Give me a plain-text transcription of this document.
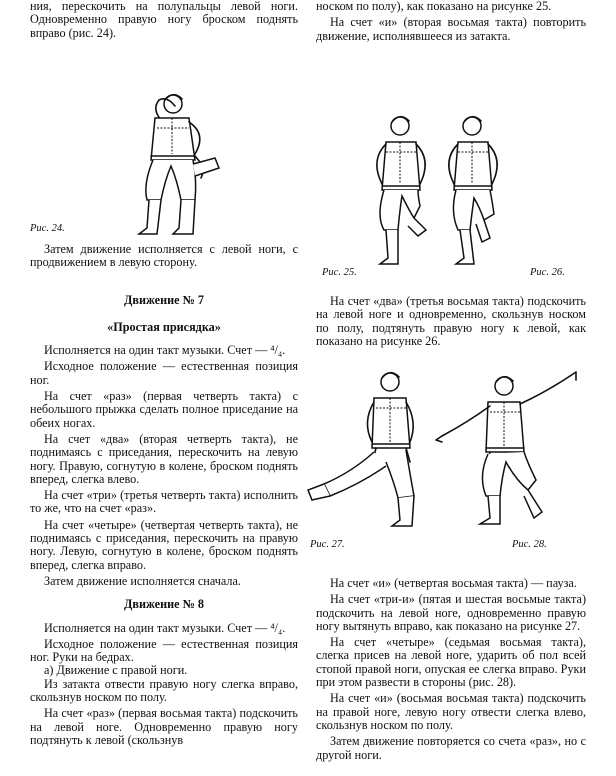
ния, перескочить на полупальцы левой ноги. Одновременно правую ногу броском поднять вправо (рис. 24).

Рис. 24.

Затем движение исполняется с левой ноги, с продвижением в левую сторону.

Движение № 7

«Простая присядка»

Исполняется на один такт музыки. Счет — ⁴/₄.

Исходное положение — естественная позиция ног.

На счет «раз» (первая четверть такта) с небольшого прыжка сделать полное приседание на обеих ногах.

На счет «два» (вторая четверть такта), не поднимаясь с приседания, перескочить на левую ногу. Правую, согнутую в колене, броском поднять вперед, слегка влево.

На счет «три» (третья четверть такта) исполнить то же, что на счет «раз».

На счет «четыре» (четвертая четверть такта), не поднимаясь с приседания, перескочить на правую ногу. Левую, согнутую в колене, броском поднять вперед, слегка вправо.

Затем движение исполняется сначала.

Движение № 8

Исполняется на один такт музыки. Счет — ⁴/₄.

Исходное положение — естественная позиция ног. Руки на бедрах.

а) Движение с правой ноги.

Из затакта отвести правую ногу слегка вправо, скользнув носком по полу.

На счет «раз» (первая восьмая такта) подскочить на левой ноге. Одновременно правую ногу подтянуть к левой (скользнув

носком по полу), как показано на рисунке 25.

На счет «и» (вторая восьмая такта) повторить движение, исполнявшееся из затакта.

Рис. 25.	Рис. 26.

На счет «два» (третья восьмая такта) подскочить на левой ноге и одновременно, скользнув носком по полу, подтянуть правую ногу к левой, как показано на рисунке 26.

Рис. 27.	Рис. 28.

На счет «и» (четвертая восьмая такта) — пауза.

На счет «три-и» (пятая и шестая восьмые такта) подскочить на левой ноге, одновременно правую ногу вытянуть вправо, как показано на рисунке 27.

На счет «четыре» (седьмая восьмая такта), слегка присев на левой ноге, ударить об пол всей стопой правой ноги, опуская ее слегка вправо. Руки при этом развести в стороны (рис. 28).

На счет «и» (восьмая восьмая такта) подскочить на правой ноге, левую ногу отвести слегка влево, скользнув носком по полу.

Затем движение повторяется со счета «раз», но с другой ноги.
